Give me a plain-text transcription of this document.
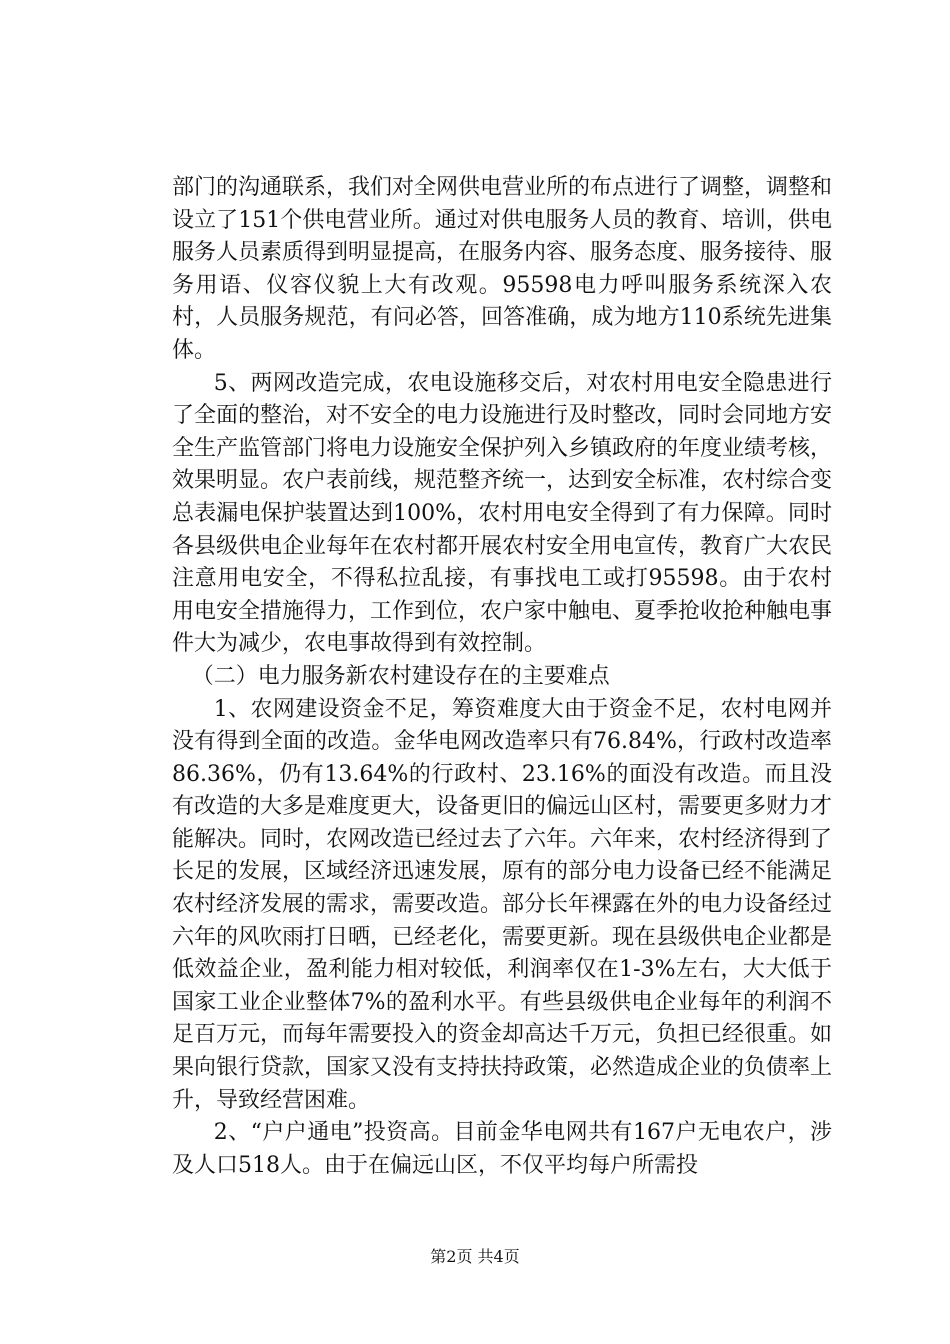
部门的沟通联系，我们对全网供电营业所的布点进行了调整，调整和设立了151个供电营业所。通过对供电服务人员的教育、培训，供电服务人员素质得到明显提高，在服务内容、服务态度、服务接待、服务用语、仪容仪貌上大有改观。95598电力呼叫服务系统深入农村，人员服务规范，有问必答，回答准确，成为地方110系统先进集体。

5、两网改造完成，农电设施移交后，对农村用电安全隐患进行了全面的整治，对不安全的电力设施进行及时整改，同时会同地方安全生产监管部门将电力设施安全保护列入乡镇政府的年度业绩考核，效果明显。农户表前线，规范整齐统一，达到安全标准，农村综合变总表漏电保护装置达到100%，农村用电安全得到了有力保障。同时各县级供电企业每年在农村都开展农村安全用电宣传，教育广大农民注意用电安全，不得私拉乱接，有事找电工或打95598。由于农村用电安全措施得力，工作到位，农户家中触电、夏季抢收抢种触电事件大为减少，农电事故得到有效控制。

（二）电力服务新农村建设存在的主要难点

1、农网建设资金不足，筹资难度大由于资金不足，农村电网并没有得到全面的改造。金华电网改造率只有76.84%，行政村改造率86.36%，仍有13.64%的行政村、23.16%的面没有改造。而且没有改造的大多是难度更大，设备更旧的偏远山区村，需要更多财力才能解决。同时，农网改造已经过去了六年。六年来，农村经济得到了长足的发展，区域经济迅速发展，原有的部分电力设备已经不能满足农村经济发展的需求，需要改造。部分长年裸露在外的电力设备经过六年的风吹雨打日晒，已经老化，需要更新。现在县级供电企业都是低效益企业，盈利能力相对较低，利润率仅在1-3%左右，大大低于国家工业企业整体7%的盈利水平。有些县级供电企业每年的利润不足百万元，而每年需要投入的资金却高达千万元，负担已经很重。如果向银行贷款，国家又没有支持扶持政策，必然造成企业的负债率上升，导致经营困难。

2、“户户通电”投资高。目前金华电网共有167户无电农户，涉及人口518人。由于在偏远山区，不仅平均每户所需投

第2页 共4页
